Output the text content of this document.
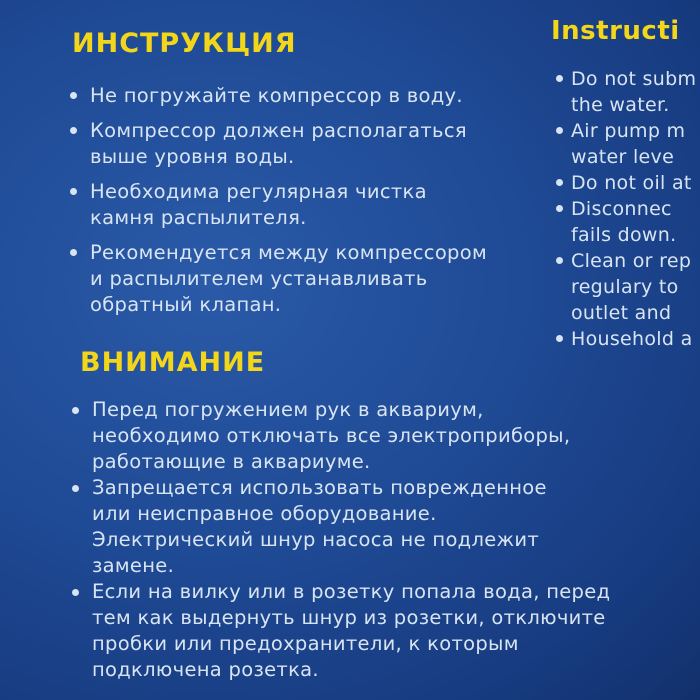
ИНСТРУКЦИЯ
Не погружайте компрессор в воду.
Компрессор должен располагаться
выше уровня воды.
Необходима регулярная чистка
камня распылителя.
Рекомендуется между компрессором
и распылителем устанавливать
обратный клапан.
ВНИМАНИЕ
Перед погружением рук в аквариум,
необходимо отключать все электроприборы,
работающие в аквариуме.
Запрещается использовать поврежденное
или неисправное оборудование.
Электрический шнур насоса не подлежит
замене.
Если на вилку или в розетку попала вода, перед
тем как выдернуть шнур из розетки, отключите
пробки или предохранители, к которым
подключена розетка.
Instructi
Do not subm
the water.
Air pump m
water leve
Do not oil at
Disconnec
fails down.
Clean or rep
regulary to
outlet and
Household a
